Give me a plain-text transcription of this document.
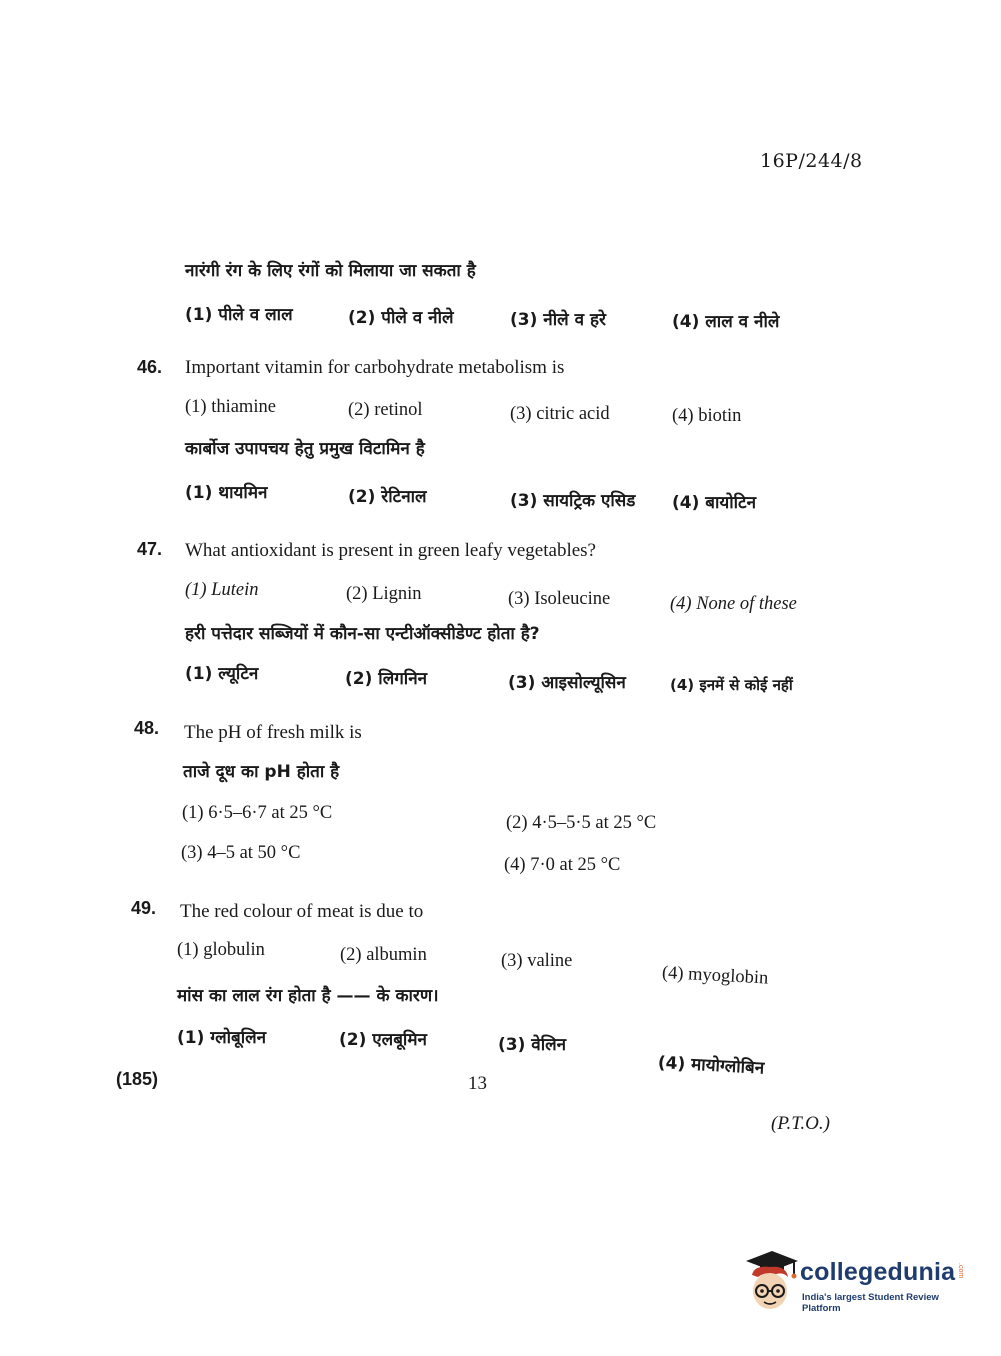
16P/244/8
नारंगी रंग के लिए रंगों को मिलाया जा सकता है
(1) पीले व लाल	(2) पीले व नीले	(3) नीले व हरे	(4) लाल व नीले
46. Important vitamin for carbohydrate metabolism is
(1) thiamine	(2) retinol	(3) citric acid	(4) biotin
कार्बोज उपापचय हेतु प्रमुख विटामिन है
(1) थायमिन	(2) रेटिनाल	(3) सायट्रिक एसिड (4) बायोटिन
47. What antioxidant is present in green leafy vegetables?
(1) Lutein	(2) Lignin	(3) Isoleucine	(4) None of these
हरी पत्तेदार सब्जियों में कौन-सा एन्टीऑक्सीडेण्ट होता है?
(1) ल्यूटिन	(2) लिगनिन	(3) आइसोल्यूसिन	(4) इनमें से कोई नहीं
48. The pH of fresh milk is
ताजे दूध का pH होता है
(1) 6·5–6·7 at 25 °C	(2) 4·5–5·5 at 25 °C
(3) 4–5 at 50 °C
(4) 7·0 at 25 °C
49. The red colour of meat is due to
(1) globulin	(2) albumin	(3) valine
(4) myoglobin
मांस का लाल रंग होता है —— के कारण।
(1) ग्लोबूलिन	(2) एलबूमिन	(3) वेलिन
(4) मायोग्लोबिन
(185)	13
(P.T.O.)
collegedunia .com
India's largest Student Review Platform
